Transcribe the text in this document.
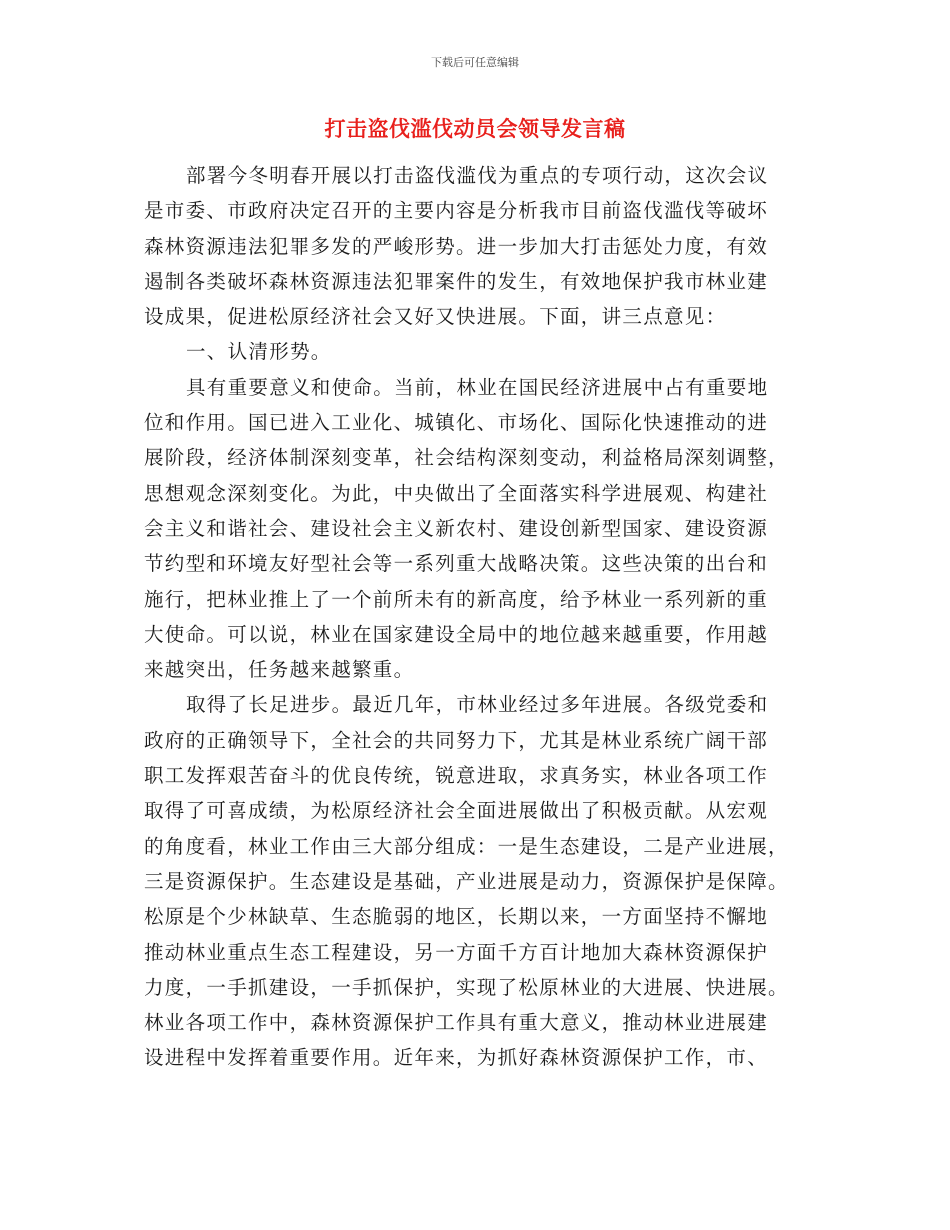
下载后可任意编辑
打击盗伐滥伐动员会领导发言稿
部署今冬明春开展以打击盗伐滥伐为重点的专项行动，这次会议
是市委、市政府决定召开的主要内容是分析我市目前盗伐滥伐等破坏
森林资源违法犯罪多发的严峻形势。进一步加大打击惩处力度，有效
遏制各类破坏森林资源违法犯罪案件的发生，有效地保护我市林业建
设成果，促进松原经济社会又好又快进展。下面，讲三点意见：
一、认清形势。
具有重要意义和使命。当前，林业在国民经济进展中占有重要地
位和作用。国已进入工业化、城镇化、市场化、国际化快速推动的进
展阶段，经济体制深刻变革，社会结构深刻变动，利益格局深刻调整，
思想观念深刻变化。为此，中央做出了全面落实科学进展观、构建社
会主义和谐社会、建设社会主义新农村、建设创新型国家、建设资源
节约型和环境友好型社会等一系列重大战略决策。这些决策的出台和
施行，把林业推上了一个前所未有的新高度，给予林业一系列新的重
大使命。可以说，林业在国家建设全局中的地位越来越重要，作用越
来越突出，任务越来越繁重。
取得了长足进步。最近几年，市林业经过多年进展。各级党委和
政府的正确领导下，全社会的共同努力下，尤其是林业系统广阔干部
职工发挥艰苦奋斗的优良传统，锐意进取，求真务实，林业各项工作
取得了可喜成绩，为松原经济社会全面进展做出了积极贡献。从宏观
的角度看，林业工作由三大部分组成：一是生态建设，二是产业进展，
三是资源保护。生态建设是基础，产业进展是动力，资源保护是保障。
松原是个少林缺草、生态脆弱的地区，长期以来，一方面坚持不懈地
推动林业重点生态工程建设，另一方面千方百计地加大森林资源保护
力度，一手抓建设，一手抓保护，实现了松原林业的大进展、快进展。
林业各项工作中，森林资源保护工作具有重大意义，推动林业进展建
设进程中发挥着重要作用。近年来，为抓好森林资源保护工作，市、
